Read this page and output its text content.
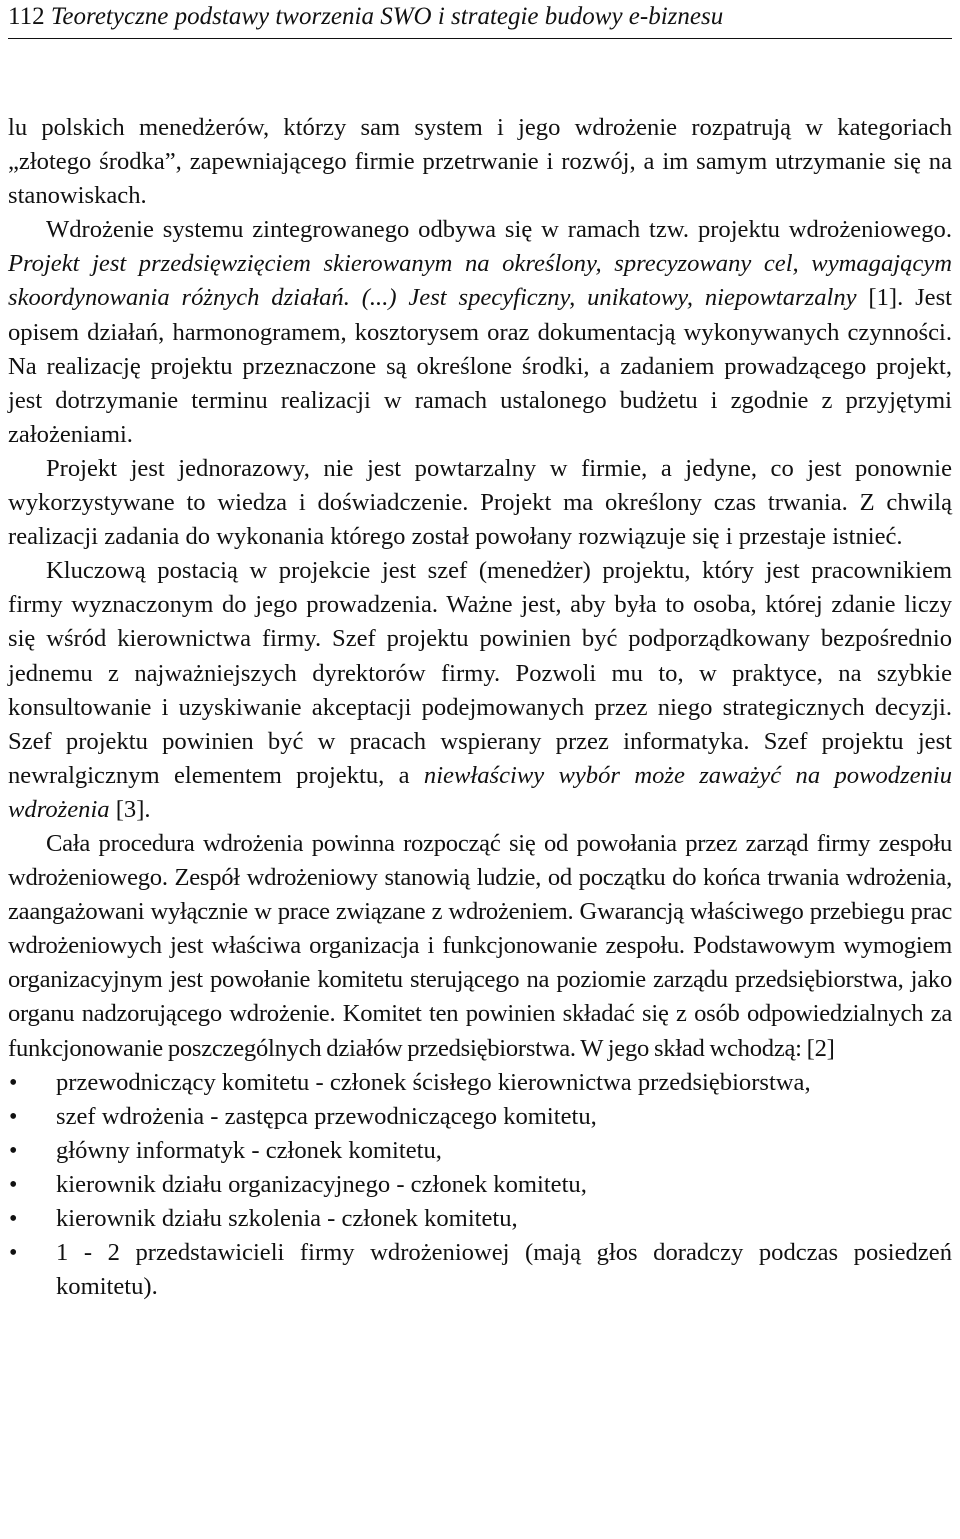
112 Teoretyczne podstawy tworzenia SWO i strategie budowy e-biznesu

lu polskich menedżerów, którzy sam system i jego wdrożenie rozpatrują w kategoriach „złotego środka”, zapewniającego firmie przetrwanie i rozwój, a im samym utrzymanie się na stanowiskach.

Wdrożenie systemu zintegrowanego odbywa się w ramach tzw. projektu wdrożeniowego. Projekt jest przedsięwzięciem skierowanym na określony, sprecyzowany cel, wymagającym skoordynowania różnych działań. (...) Jest specyficzny, unikatowy, niepowtarzalny [1]. Jest opisem działań, harmonogramem, kosztorysem oraz dokumentacją wykonywanych czynności. Na realizację projektu przeznaczone są określone środki, a zadaniem prowadzącego projekt, jest dotrzymanie terminu realizacji w ramach ustalonego budżetu i zgodnie z przyjętymi założeniami.

Projekt jest jednorazowy, nie jest powtarzalny w firmie, a jedyne, co jest ponownie wykorzystywane to wiedza i doświadczenie. Projekt ma określony czas trwania. Z chwilą realizacji zadania do wykonania którego został powołany rozwiązuje się i przestaje istnieć.

Kluczową postacią w projekcie jest szef (menedżer) projektu, który jest pracownikiem firmy wyznaczonym do jego prowadzenia. Ważne jest, aby była to osoba, której zdanie liczy się wśród kierownictwa firmy. Szef projektu powinien być podporządkowany bezpośrednio jednemu z najważniejszych dyrektorów firmy. Pozwoli mu to, w praktyce, na szybkie konsultowanie i uzyskiwanie akceptacji podejmowanych przez niego strategicznych decyzji. Szef projektu powinien być w pracach wspierany przez informatyka. Szef projektu jest newralgicznym elementem projektu, a niewłaściwy wybór może zaważyć na powodzeniu wdrożenia [3].

Cała procedura wdrożenia powinna rozpocząć się od powołania przez zarząd firmy zespołu wdrożeniowego. Zespół wdrożeniowy stanowią ludzie, od początku do końca trwania wdrożenia, zaangażowani wyłącznie w prace związane z wdrożeniem. Gwarancją właściwego przebiegu prac wdrożeniowych jest właściwa organizacja i funkcjonowanie zespołu. Podstawowym wymogiem organizacyjnym jest powołanie komitetu sterującego na poziomie zarządu przedsiębiorstwa, jako organu nadzorującego wdrożenie. Komitet ten powinien składać się z osób odpowiedzialnych za funkcjonowanie poszczególnych działów przedsiębiorstwa. W jego skład wchodzą: [2]

• przewodniczący komitetu - członek ścisłego kierownictwa przedsiębiorstwa,
• szef wdrożenia - zastępca przewodniczącego komitetu,
• główny informatyk - członek komitetu,
• kierownik działu organizacyjnego - członek komitetu,
• kierownik działu szkolenia - członek komitetu,
• 1 - 2 przedstawicieli firmy wdrożeniowej (mają głos doradczy podczas posiedzeń komitetu).
